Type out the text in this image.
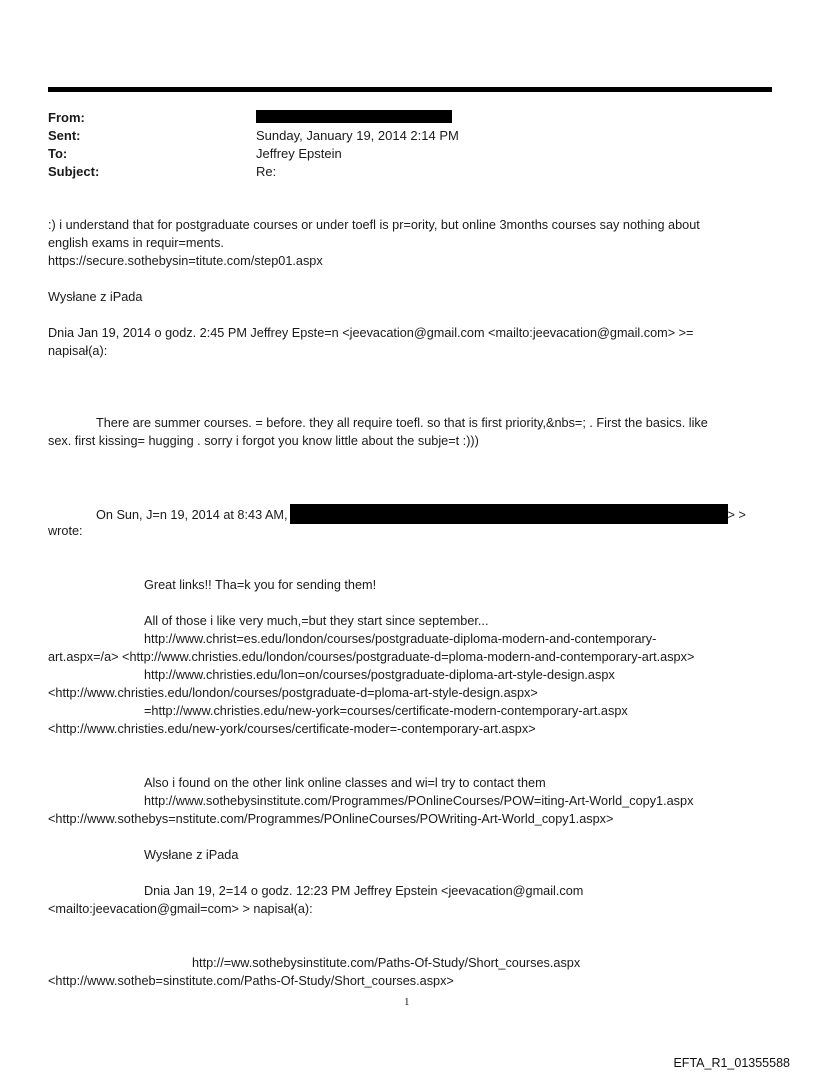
From:
Sent:	Sunday, January 19, 2014 2:14 PM
To:	Jeffrey Epstein
Subject:	Re:
:) i understand that for postgraduate courses or under toefl is pr=ority, but online 3months courses say nothing about
english exams in requir=ments.
https://secure.sothebysin=titute.com/step01.aspx
Wysłane z iPada
Dnia Jan 19, 2014 o godz. 2:45 PM Jeffrey Epste=n <jeevacation@gmail.com <mailto:jeevacation@gmail.com> >=
napisał(a):
There are summer courses. = before. they all require toefl. so that is first priority,&nbs=; . First the basics. like
sex. first kissing= hugging . sorry i forgot you know little about the subje=t :)))
On Sun, J=n 19, 2014 at 8:43 AM,	> >
wrote:
Great links!! Tha=k you for sending them!
All of those i like very much,=but they start since september...
http://www.christ=es.edu/london/courses/postgraduate-diploma-modern-and-contemporary-
art.aspx=/a> <http://www.christies.edu/london/courses/postgraduate-d=ploma-modern-and-contemporary-art.aspx>
http://www.christies.edu/lon=on/courses/postgraduate-diploma-art-style-design.aspx
<http://www.christies.edu/london/courses/postgraduate-d=ploma-art-style-design.aspx>
=http://www.christies.edu/new-york=courses/certificate-modern-contemporary-art.aspx
<http://www.christies.edu/new-york/courses/certificate-moder=-contemporary-art.aspx>
Also i found on the other link online classes and wi=l try to contact them
http://www.sothebysinstitute.com/Programmes/POnlineCourses/POW=iting-Art-World_copy1.aspx
<http://www.sothebys=nstitute.com/Programmes/POnlineCourses/POWriting-Art-World_copy1.aspx>
Wysłane z iPada
Dnia Jan 19, 2=14 o godz. 12:23 PM Jeffrey Epstein <jeevacation@gmail.com
<mailto:jeevacation@gmail=com> > napisał(a):
http://=ww.sothebysinstitute.com/Paths-Of-Study/Short_courses.aspx
<http://www.sotheb=sinstitute.com/Paths-Of-Study/Short_courses.aspx>
1
EFTA_R1_01355588
